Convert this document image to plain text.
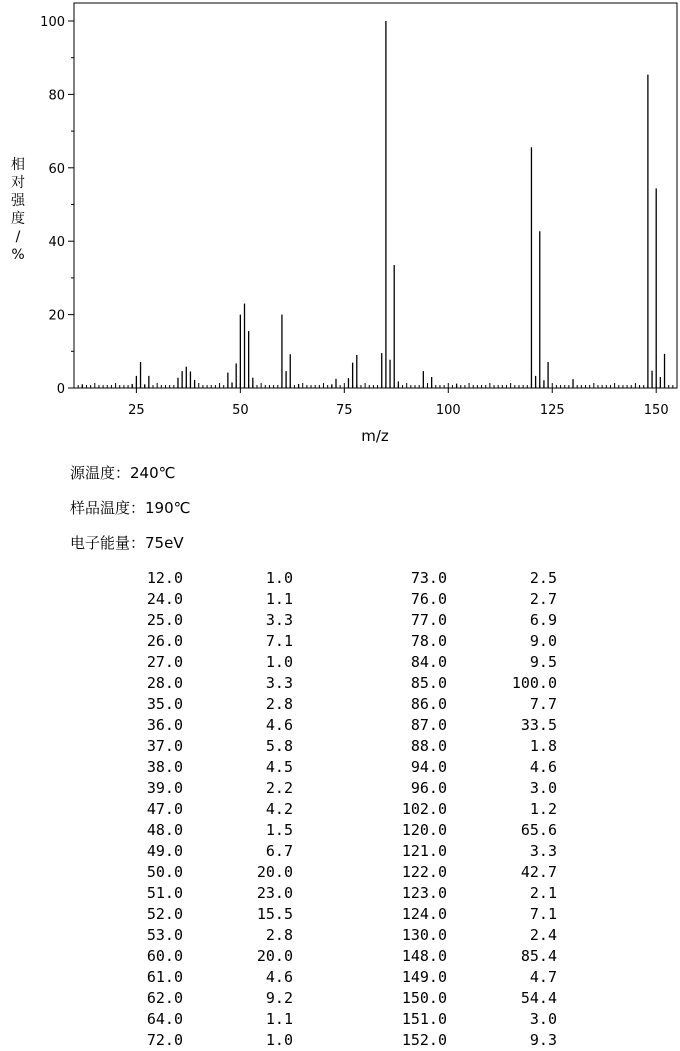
0
20
40
60
80
100
25	50	75	100	125	150
m/z
相
对
强
度
/
%
源温度：240℃
样品温度：190℃
电子能量：75eV
12.0	1.0	73.0	2.5
24.0	1.1	76.0	2.7
25.0	3.3	77.0	6.9
26.0	7.1	78.0	9.0
27.0	1.0	84.0	9.5
28.0	3.3	85.0	100.0
35.0	2.8	86.0	7.7
36.0	4.6	87.0	33.5
37.0	5.8	88.0	1.8
38.0	4.5	94.0	4.6
39.0	2.2	96.0	3.0
47.0	4.2	102.0	1.2
48.0	1.5	120.0	65.6
49.0	6.7	121.0	3.3
50.0	20.0	122.0	42.7
51.0	23.0	123.0	2.1
52.0	15.5	124.0	7.1
53.0	2.8	130.0	2.4
60.0	20.0	148.0	85.4
61.0	4.6	149.0	4.7
62.0	9.2	150.0	54.4
64.0	1.1	151.0	3.0
72.0	1.0	152.0	9.3
